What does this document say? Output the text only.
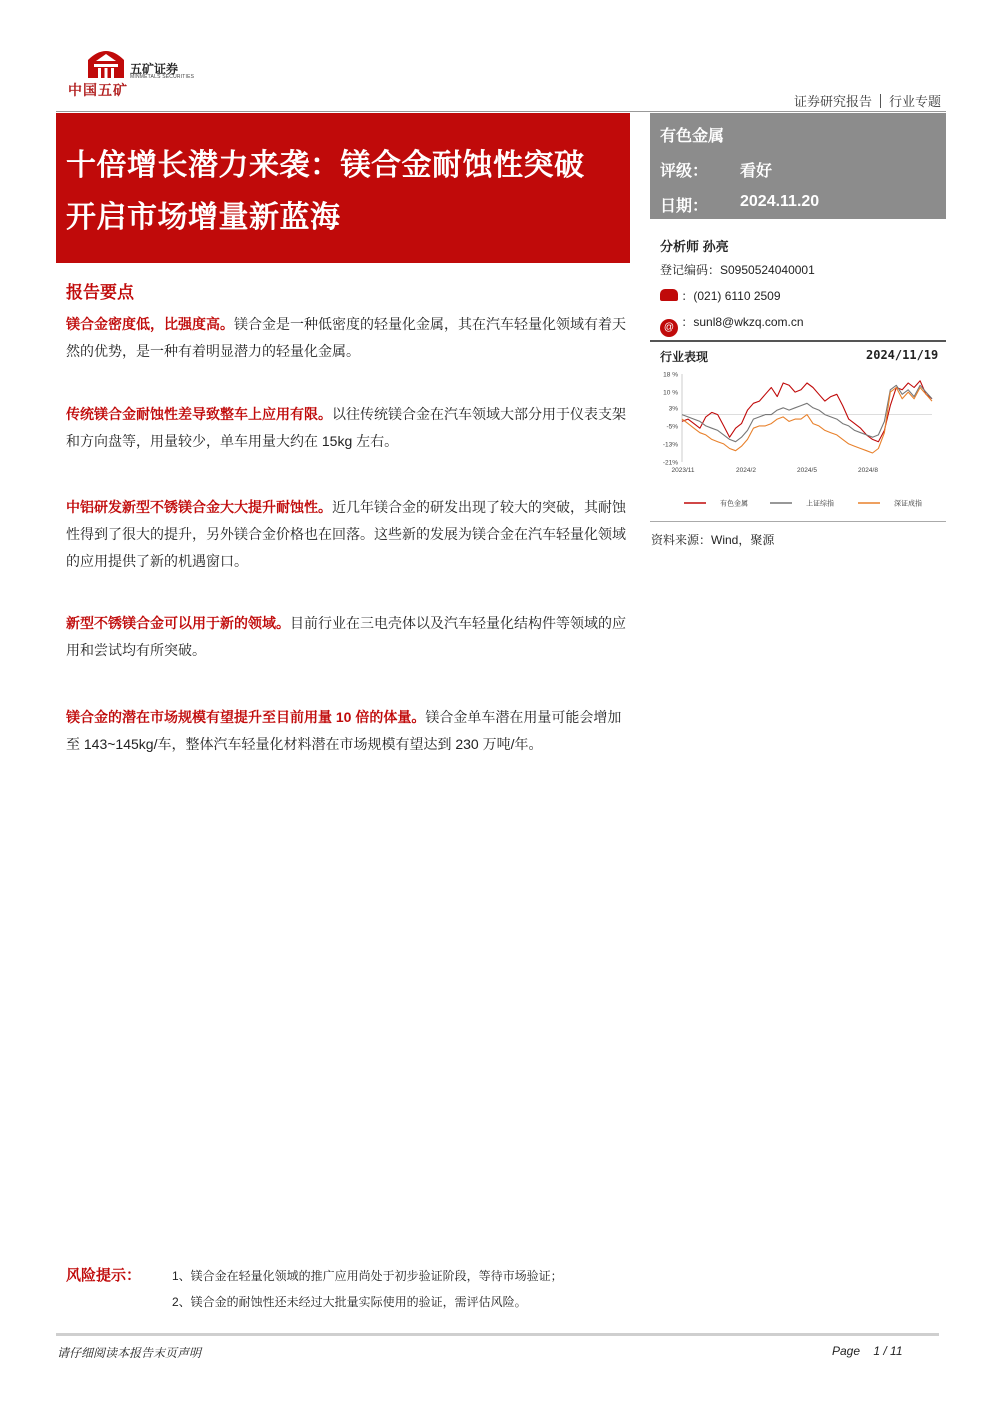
中国五矿
五矿证券
MINMETALS SECURITIES
证券研究报告 行业专题
十倍增长潜力来袭：镁合金耐蚀性突破
开启市场增量新蓝海
有色金属
评级： 看好
日期： 2024.11.20
分析师 孙亮
登记编码：S0950524040001
：(021) 6110 2509
@ ：sunl8@wkzq.com.cn
行业表现	2024/11/19
18 %
10 %
3%
-5%
-13%
-21%
2023/11	2024/2	2024/5	2024/8
有色金属	上证综指	深证成指
资料来源：Wind，聚源
报告要点

镁合金密度低，比强度高。镁合金是一种低密度的轻量化金属，其在汽车轻量化领域有着天然的优势，是一种有着明显潜力的轻量化金属。

传统镁合金耐蚀性差导致整车上应用有限。以往传统镁合金在汽车领域大部分用于仪表支架和方向盘等，用量较少，单车用量大约在 15kg 左右。

中铝研发新型不锈镁合金大大提升耐蚀性。近几年镁合金的研发出现了较大的突破，其耐蚀性得到了很大的提升，另外镁合金价格也在回落。这些新的发展为镁合金在汽车轻量化领域的应用提供了新的机遇窗口。

新型不锈镁合金可以用于新的领域。目前行业在三电壳体以及汽车轻量化结构件等领域的应用和尝试均有所突破。

镁合金的潜在市场规模有望提升至目前用量 10 倍的体量。镁合金单车潜在用量可能会增加至 143~145kg/车，整体汽车轻量化材料潜在市场规模有望达到 230 万吨/年。

风险提示：	1、镁合金在轻量化领域的推广应用尚处于初步验证阶段，等待市场验证；
2、镁合金的耐蚀性还未经过大批量实际使用的验证，需评估风险。
请仔细阅读本报告末页声明	Page    1 / 11
